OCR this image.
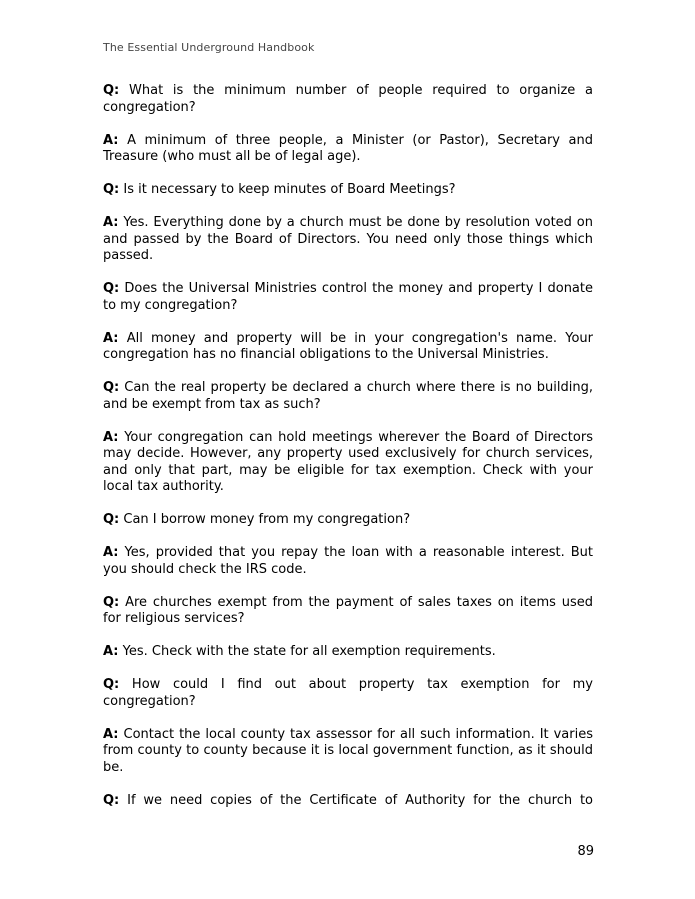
The Essential Underground Handbook

Q: What is the minimum number of people required to organize a congregation?

A: A minimum of three people, a Minister (or Pastor), Secretary and Treasure (who must all be of legal age).

Q: Is it necessary to keep minutes of Board Meetings?

A: Yes. Everything done by a church must be done by resolution voted on and passed by the Board of Directors. You need only those things which passed.

Q: Does the Universal Ministries control the money and property I donate to my congregation?

A: All money and property will be in your congregation's name. Your congregation has no financial obligations to the Universal Ministries.

Q: Can the real property be declared a church where there is no building, and be exempt from tax as such?

A: Your congregation can hold meetings wherever the Board of Directors may decide. However, any property used exclusively for church services, and only that part, may be eligible for tax exemption. Check with your local tax authority.

Q: Can I borrow money from my congregation?

A: Yes, provided that you repay the loan with a reasonable interest. But you should check the IRS code.

Q: Are churches exempt from the payment of sales taxes on items used for religious services?

A: Yes. Check with the state for all exemption requirements.

Q: How could I find out about property tax exemption for my congregation?

A: Contact the local county tax assessor for all such information. It varies from county to county because it is local government function, as it should be.

Q: If we need copies of the Certificate of Authority for the church to

89
